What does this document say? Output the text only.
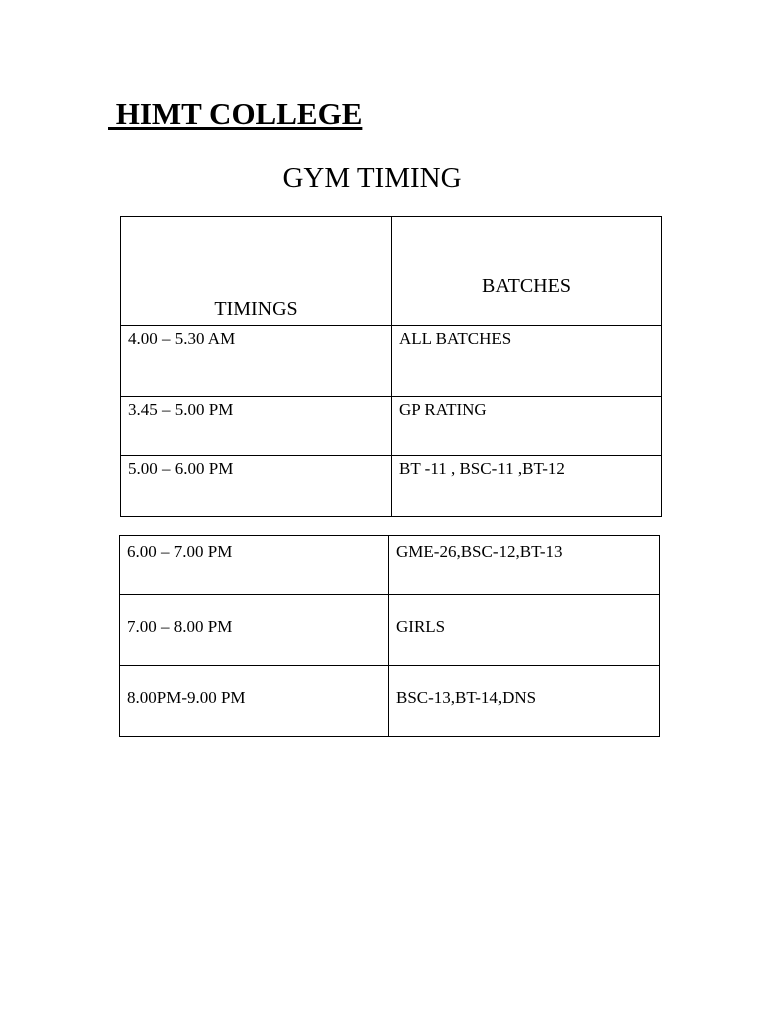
HIMT COLLEGE
GYM TIMING
TIMINGS	BATCHES

4.00 – 5.30 AM	ALL BATCHES
3.45 – 5.00 PM	GP RATING
5.00 – 6.00 PM	BT -11 , BSC-11 ,BT-12
6.00 – 7.00 PM	GME-26,BSC-12,BT-13
7.00 – 8.00 PM	GIRLS
8.00PM-9.00 PM	BSC-13,BT-14,DNS
